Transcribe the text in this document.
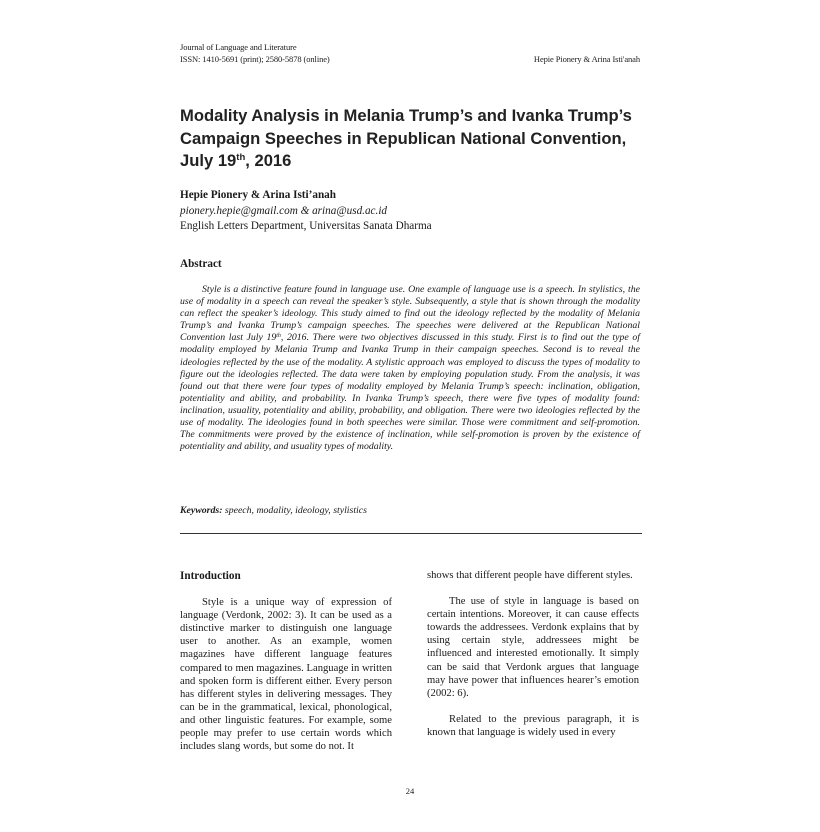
Journal of Language and Literature
ISSN: 1410-5691 (print); 2580-5878 (online)	Hepie Pionery & Arina Isti'anah
Modality Analysis in Melania Trump’s and Ivanka Trump’s Campaign Speeches in Republican National Convention, July 19th, 2016
Hepie Pionery & Arina Isti’anah
pionery.hepie@gmail.com & arina@usd.ac.id
English Letters Department, Universitas Sanata Dharma
Abstract

Style is a distinctive feature found in language use. One example of language use is a speech. In stylistics, the use of modality in a speech can reveal the speaker’s style. Subsequently, a style that is shown through the modality can reflect the speaker’s ideology. This study aimed to find out the ideology reflected by the modality of Melania Trump’s and Ivanka Trump’s campaign speeches. The speeches were delivered at the Republican National Convention last July 19th, 2016. There were two objectives discussed in this study. First is to find out the type of modality employed by Melania Trump and Ivanka Trump in their campaign speeches. Second is to reveal the ideologies reflected by the use of the modality. A stylistic approach was employed to discuss the types of modality to figure out the ideologies reflected. The data were taken by employing population study. From the analysis, it was found out that there were four types of modality employed by Melania Trump’s speech: inclination, obligation, potentiality and ability, and probability. In Ivanka Trump’s speech, there were five types of modality found: inclination, usuality, potentiality and ability, probability, and obligation. There were two ideologies reflected by the use of modality. The ideologies found in both speeches were similar. Those were commitment and self-promotion. The commitments were proved by the existence of inclination, while self-promotion is proven by the existence of potentiality and ability, and usuality types of modality.

Keywords: speech, modality, ideology, stylistics
Introduction

Style is a unique way of expression of language (Verdonk, 2002: 3). It can be used as a distinctive marker to distinguish one language user to another. As an example, women magazines have different language features compared to men magazines. Language in written and spoken form is different either. Every person has different styles in delivering messages. They can be in the grammatical, lexical, phonological, and other linguistic features. For example, some people may prefer to use certain words which includes slang words, but some do not. It

shows that different people have different styles.

The use of style in language is based on certain intentions. Moreover, it can cause effects towards the addressees. Verdonk explains that by using certain style, addressees might be influenced and interested emotionally. It simply can be said that Verdonk argues that language may have power that influences hearer’s emotion (2002: 6).

Related to the previous paragraph, it is known that language is widely used in every

24
